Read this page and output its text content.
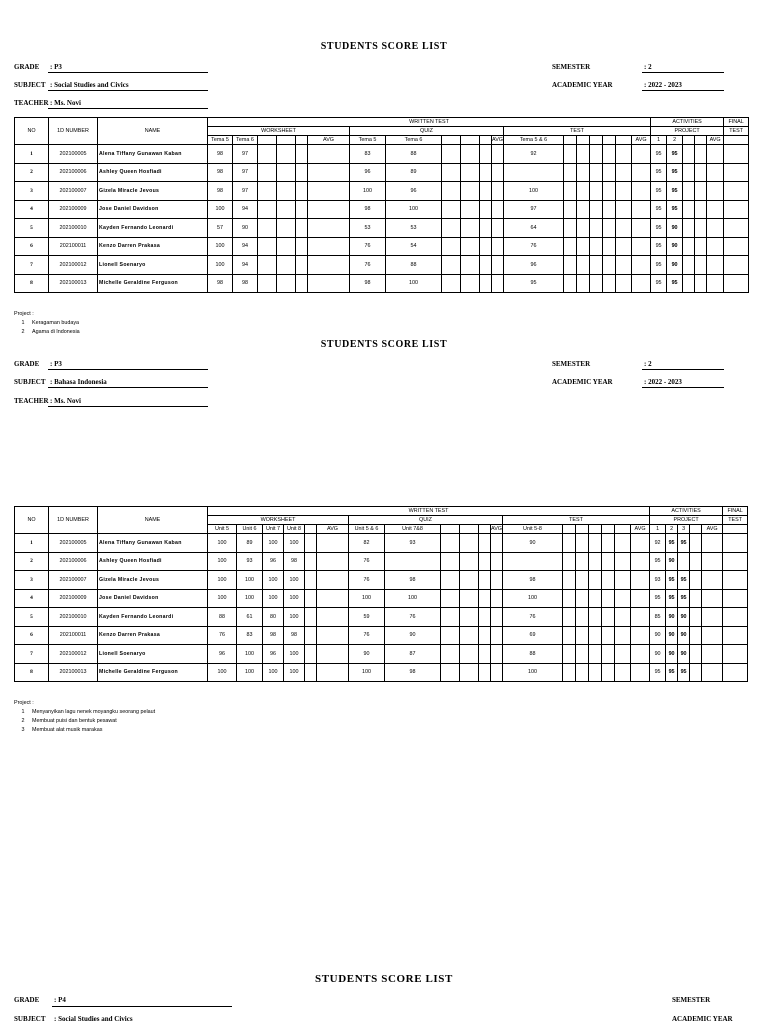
STUDENTS SCORE LIST
GRADE : P3
SUBJECT : Social Studies and Civics
TEACHER : Ms. Novi
SEMESTER	: 2
ACADEMIC YEAR	: 2022 - 2023
NO	1D NUMBER	NAME	WRITTEN TEST																			ACTIVITIES					FINAL
			WORKSHEET						QUIZ						TEST							PROJECT					TEST
			Tema 5	Tema 6				AVG	Tema 5	Tema 6				AVG	Tema 5 & 6						AVG	1	2			AVG	
1	202100005	Alena Tiffany Gunawan Kaban	98	97					83	88					92							95	95				
2	202100006	Ashley Queen Hosfiadi	98	97					96	89												95	95				
3	202100007	Gizela Miracle Jevous	98	97					100	96					100							95	95				
4	202100009	Jose Daniel Davidson	100	94					98	100					97							95	95				
5	202100010	Kayden Fernando Leonardi	57	90					53	53					64							95	90				
6	202100011	Kenzo Darren Prakasa	100	94					76	54					76							95	90				
7	202100012	Lionell Soenaryo	100	94					76	88					96							95	90				
8	202100013	Michelle Geraldine Ferguson	98	98					98	100					95							95	95				
Project :
1 Keragaman budaya
2 Agama di Indonesia
STUDENTS SCORE LIST
GRADE : P3
SUBJECT : Bahasa Indonesia
TEACHER : Ms. Novi
SEMESTER	: 2
ACADEMIC YEAR	: 2022 - 2023
NO	1D NUMBER	NAME	WRITTEN TEST																			ACTIVITIES					FINAL
			WORKSHEET						QUIZ						TEST							PROJECT					TEST
			Unit 5	Unit 6	Unit 7	Unit 8		AVG	Unit 5 & 6	Unit 7&8				AVG	Unit 5-8						AVG	1	2	3		AVG	
1	202100005	Alena Tiffany Gunawan Kaban	100	89	100	100			82	93					90							92	95	95			
2	202100006	Ashley Queen Hosfiadi	100	93	96	98			76													95	90				
3	202100007	Gizela Miracle Jevous	100	100	100	100			76	98					98							93	95	95			
4	202100009	Jose Daniel Davidson	100	100	100	100			100	100					100							95	95	95			
5	202100010	Kayden Fernando Leonardi	88	61	80	100			59	76					76							85	90	90			
6	202100011	Kenzo Darren Prakasa	76	83	98	98			76	90					69							90	90	90			
7	202100012	Lionell Soenaryo	96	100	96	100			90	87					88							90	90	90			
8	202100013	Michelle Geraldine Ferguson	100	100	100	100			100	98					100							95	95	95			
Project :
1 Menyanyikan lagu nenek moyangku seorang pelaut
2 Membuat puisi dan bentuk pesawat
3 Membuat alat musik marakas
STUDENTS SCORE LIST
GRADE : P4
SUBJECT : Social Studies and Civics
SEMESTER
ACADEMIC YEAR
